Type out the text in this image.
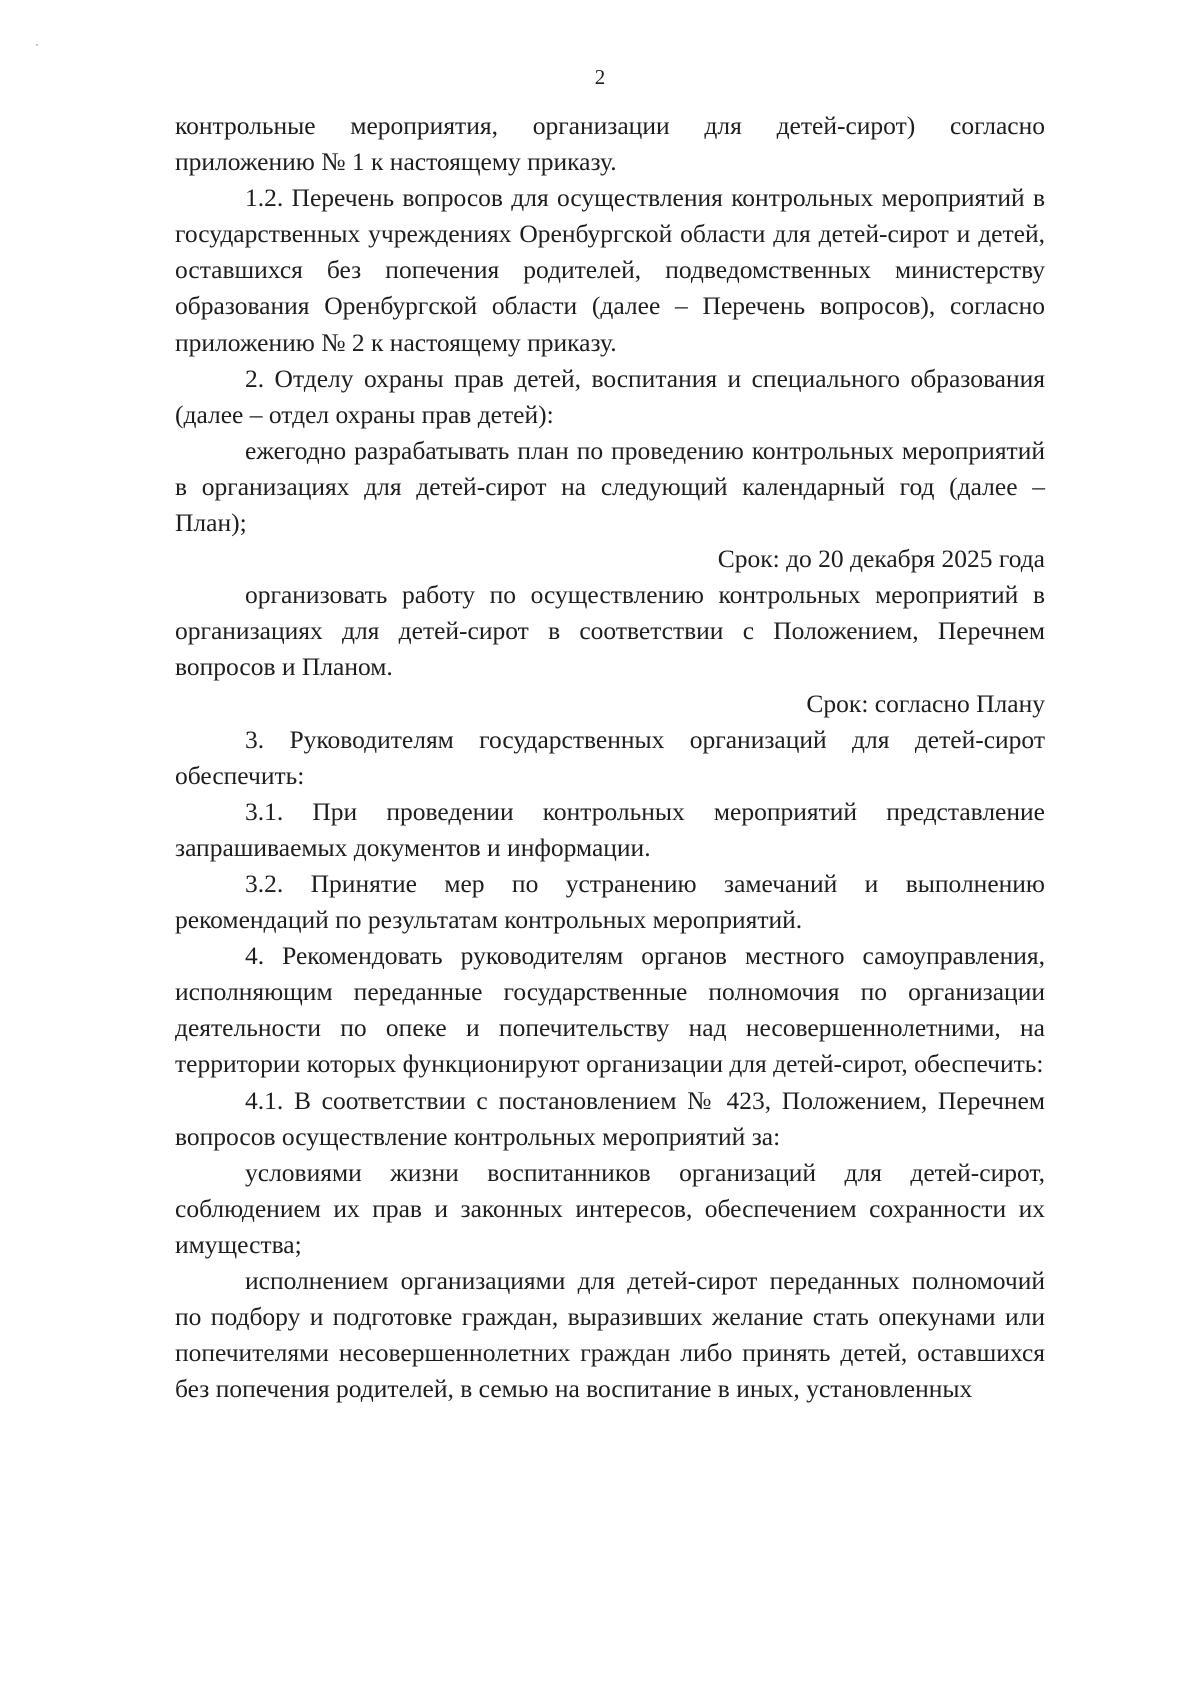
2

контрольные мероприятия, организации для детей-сирот) согласно приложению № 1 к настоящему приказу.

1.2. Перечень вопросов для осуществления контрольных мероприятий в государственных учреждениях Оренбургской области для детей-сирот и детей, оставшихся без попечения родителей, подведомственных министерству образования Оренбургской области (далее – Перечень вопросов), согласно приложению № 2 к настоящему приказу.

2. Отделу охраны прав детей, воспитания и специального образования (далее – отдел охраны прав детей):

ежегодно разрабатывать план по проведению контрольных мероприятий в организациях для детей-сирот на следующий календарный год (далее – План);

Срок: до 20 декабря 2025 года

организовать работу по осуществлению контрольных мероприятий в организациях для детей-сирот в соответствии с Положением, Перечнем вопросов и Планом.

Срок: согласно Плану

3. Руководителям государственных организаций для детей-сирот обеспечить:

3.1. При проведении контрольных мероприятий представление запрашиваемых документов и информации.

3.2. Принятие мер по устранению замечаний и выполнению рекомендаций по результатам контрольных мероприятий.

4. Рекомендовать руководителям органов местного самоуправления, исполняющим переданные государственные полномочия по организации деятельности по опеке и попечительству над несовершеннолетними, на территории которых функционируют организации для детей-сирот, обеспечить:

4.1. В соответствии с постановлением № 423, Положением, Перечнем вопросов осуществление контрольных мероприятий за:

условиями жизни воспитанников организаций для детей-сирот, соблюдением их прав и законных интересов, обеспечением сохранности их имущества;

исполнением организациями для детей-сирот переданных полномочий по подбору и подготовке граждан, выразивших желание стать опекунами или попечителями несовершеннолетних граждан либо принять детей, оставшихся без попечения родителей, в семью на воспитание в иных, установленных
